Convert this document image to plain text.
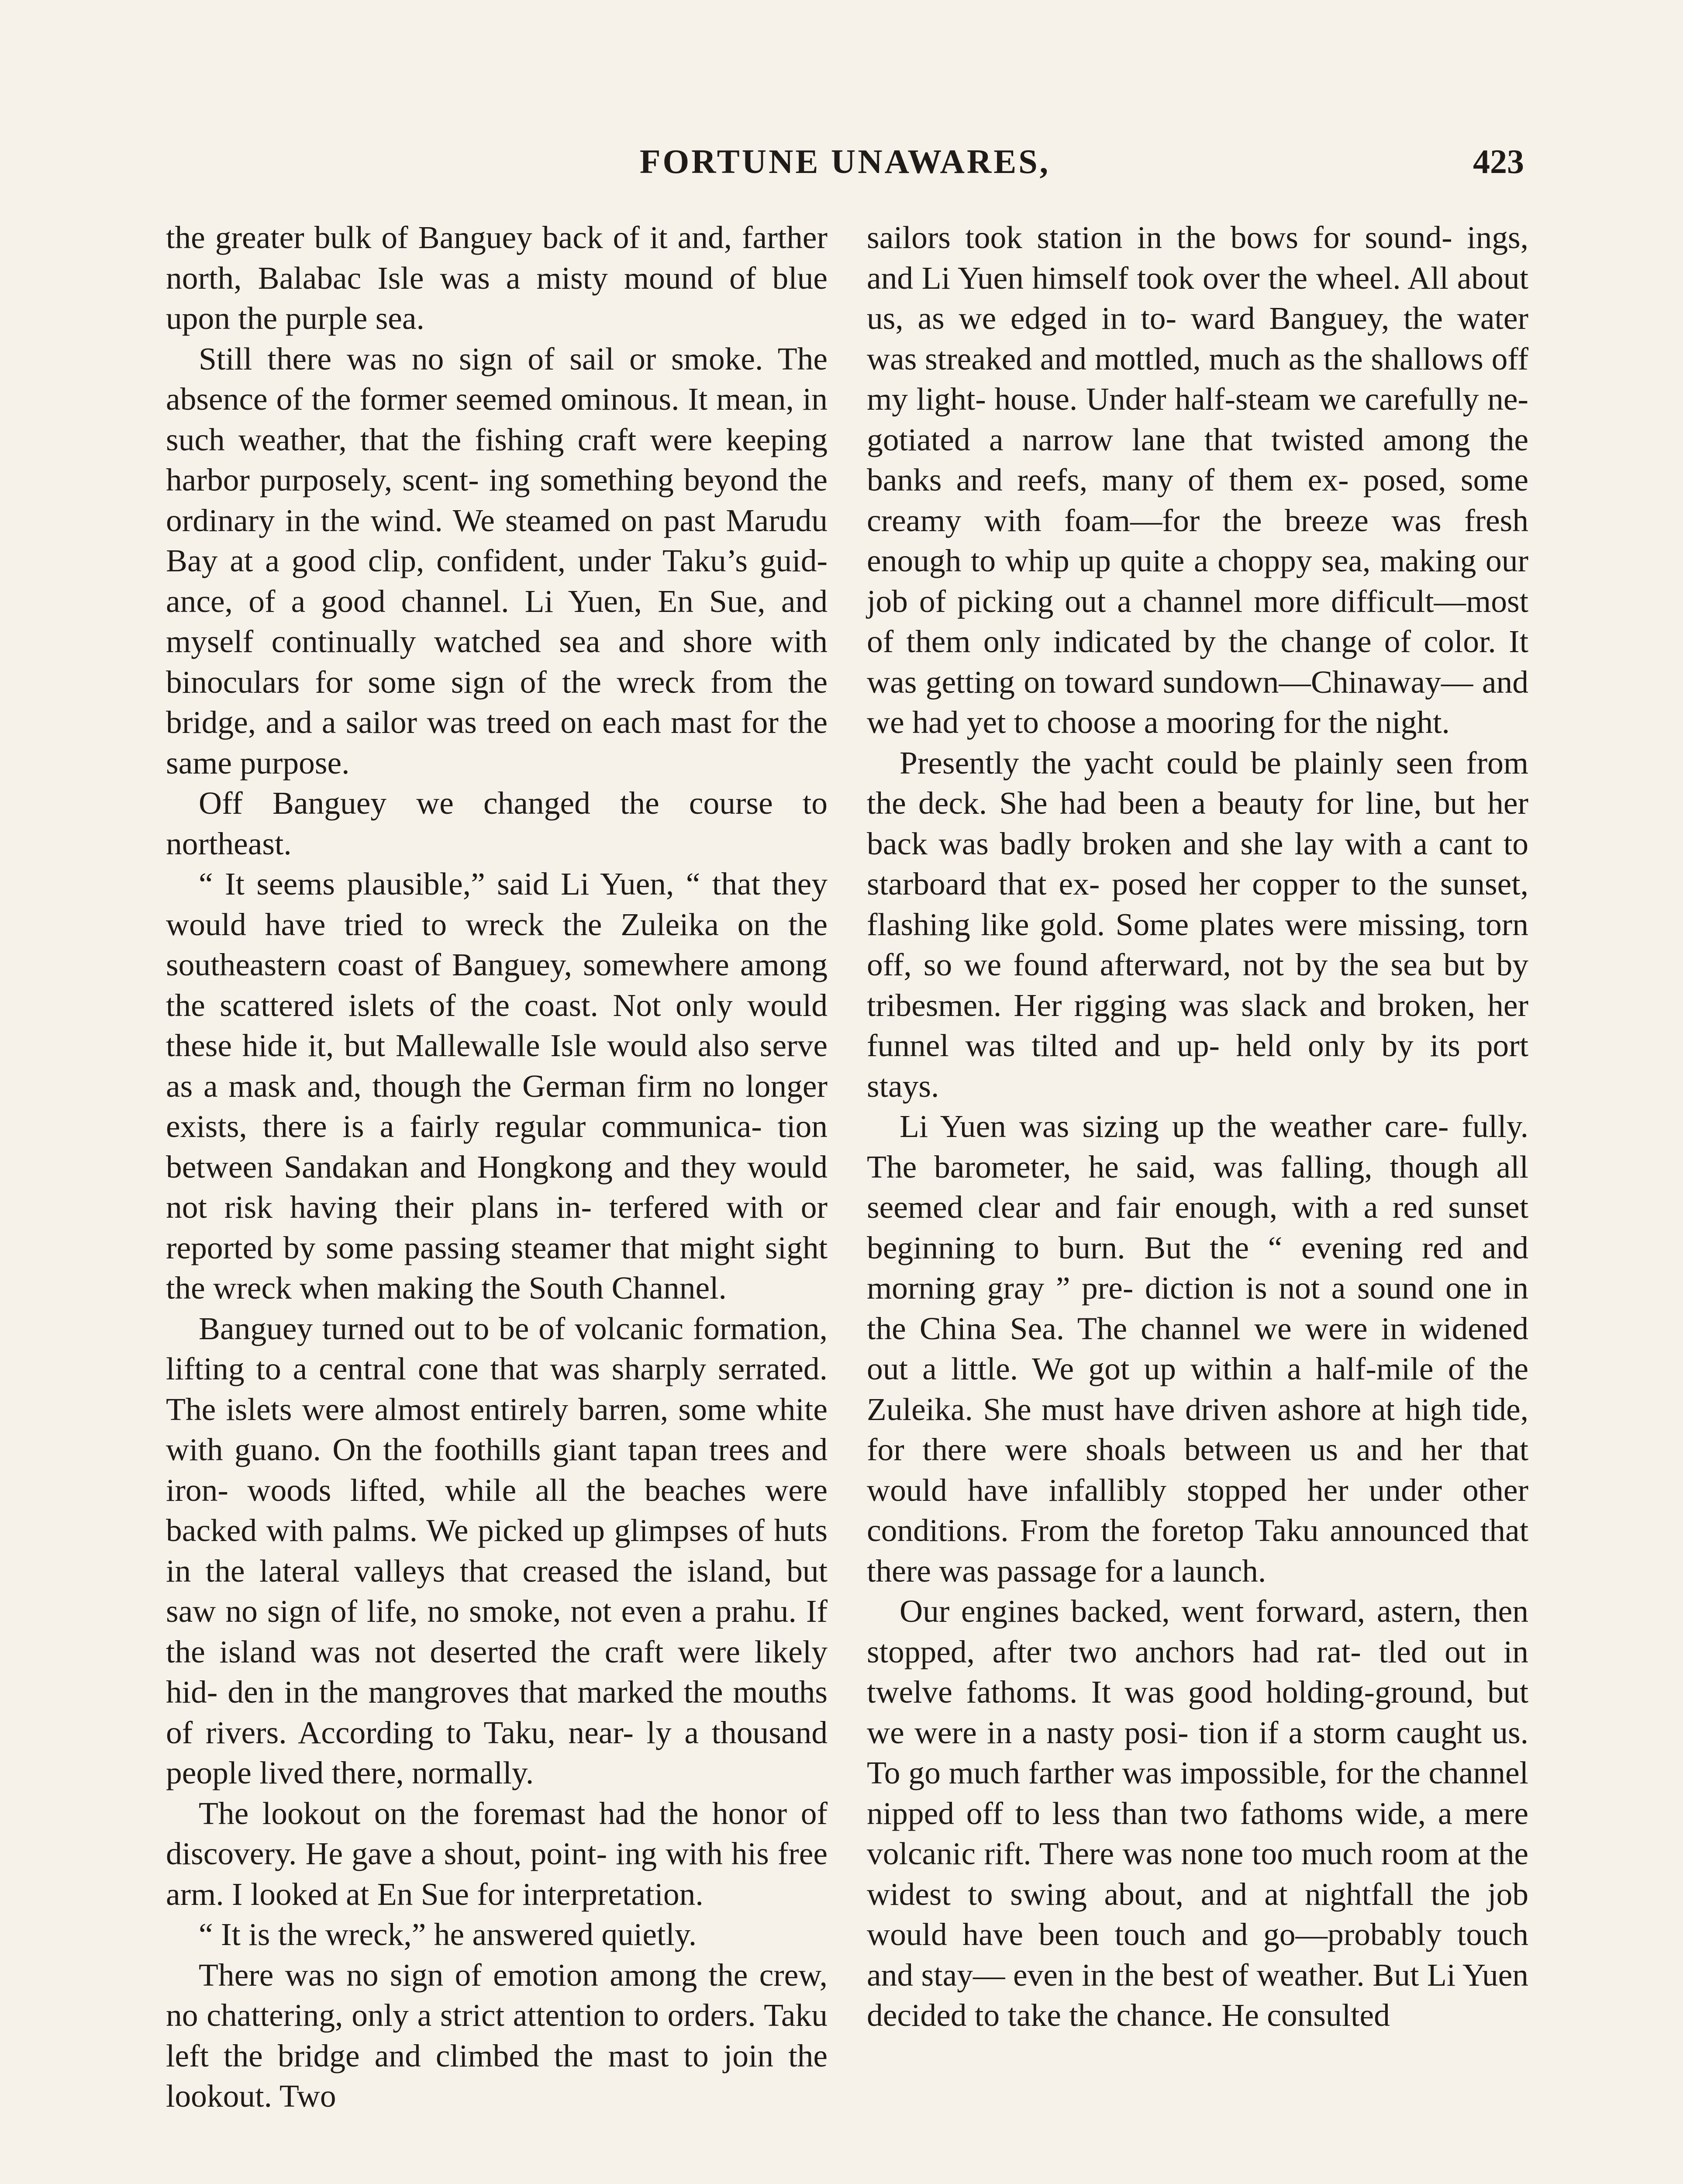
FORTUNE UNAWARES,	423

the greater bulk of Banguey back of it and, farther north, Balabac Isle was a misty mound of blue upon the purple sea.

Still there was no sign of sail or smoke. The absence of the former seemed ominous. It mean, in such weather, that the fishing craft were keeping harbor purposely, scent- ing something beyond the ordinary in the wind. We steamed on past Marudu Bay at a good clip, confident, under Taku’s guid- ance, of a good channel. Li Yuen, En Sue, and myself continually watched sea and shore with binoculars for some sign of the wreck from the bridge, and a sailor was treed on each mast for the same purpose.

Off Banguey we changed the course to northeast.

“ It seems plausible,” said Li Yuen, “ that they would have tried to wreck the Zuleika on the southeastern coast of Banguey, somewhere among the scattered islets of the coast. Not only would these hide it, but Mallewalle Isle would also serve as a mask and, though the German firm no longer exists, there is a fairly regular communica- tion between Sandakan and Hongkong and they would not risk having their plans in- terfered with or reported by some passing steamer that might sight the wreck when making the South Channel.

Banguey turned out to be of volcanic formation, lifting to a central cone that was sharply serrated. The islets were almost entirely barren, some white with guano. On the foothills giant tapan trees and iron- woods lifted, while all the beaches were backed with palms. We picked up glimpses of huts in the lateral valleys that creased the island, but saw no sign of life, no smoke, not even a prahu. If the island was not deserted the craft were likely hid- den in the mangroves that marked the mouths of rivers. According to Taku, near- ly a thousand people lived there, normally.

The lookout on the foremast had the honor of discovery. He gave a shout, point- ing with his free arm. I looked at En Sue for interpretation.

“ It is the wreck,” he answered quietly.

There was no sign of emotion among the crew, no chattering, only a strict attention to orders. Taku left the bridge and climbed the mast to join the lookout. Two

sailors took station in the bows for sound- ings, and Li Yuen himself took over the wheel. All about us, as we edged in to- ward Banguey, the water was streaked and mottled, much as the shallows off my light- house. Under half-steam we carefully ne- gotiated a narrow lane that twisted among the banks and reefs, many of them ex- posed, some creamy with foam—for the breeze was fresh enough to whip up quite a choppy sea, making our job of picking out a channel more difficult—most of them only indicated by the change of color. It was getting on toward sundown—Chinaway— and we had yet to choose a mooring for the night.

Presently the yacht could be plainly seen from the deck. She had been a beauty for line, but her back was badly broken and she lay with a cant to starboard that ex- posed her copper to the sunset, flashing like gold. Some plates were missing, torn off, so we found afterward, not by the sea but by tribesmen. Her rigging was slack and broken, her funnel was tilted and up- held only by its port stays.

Li Yuen was sizing up the weather care- fully. The barometer, he said, was falling, though all seemed clear and fair enough, with a red sunset beginning to burn. But the “ evening red and morning gray ” pre- diction is not a sound one in the China Sea. The channel we were in widened out a little. We got up within a half-mile of the Zuleika. She must have driven ashore at high tide, for there were shoals between us and her that would have infallibly stopped her under other conditions. From the foretop Taku announced that there was passage for a launch.

Our engines backed, went forward, astern, then stopped, after two anchors had rat- tled out in twelve fathoms. It was good holding-ground, but we were in a nasty posi- tion if a storm caught us. To go much farther was impossible, for the channel nipped off to less than two fathoms wide, a mere volcanic rift. There was none too much room at the widest to swing about, and at nightfall the job would have been touch and go—probably touch and stay— even in the best of weather. But Li Yuen decided to take the chance. He consulted
